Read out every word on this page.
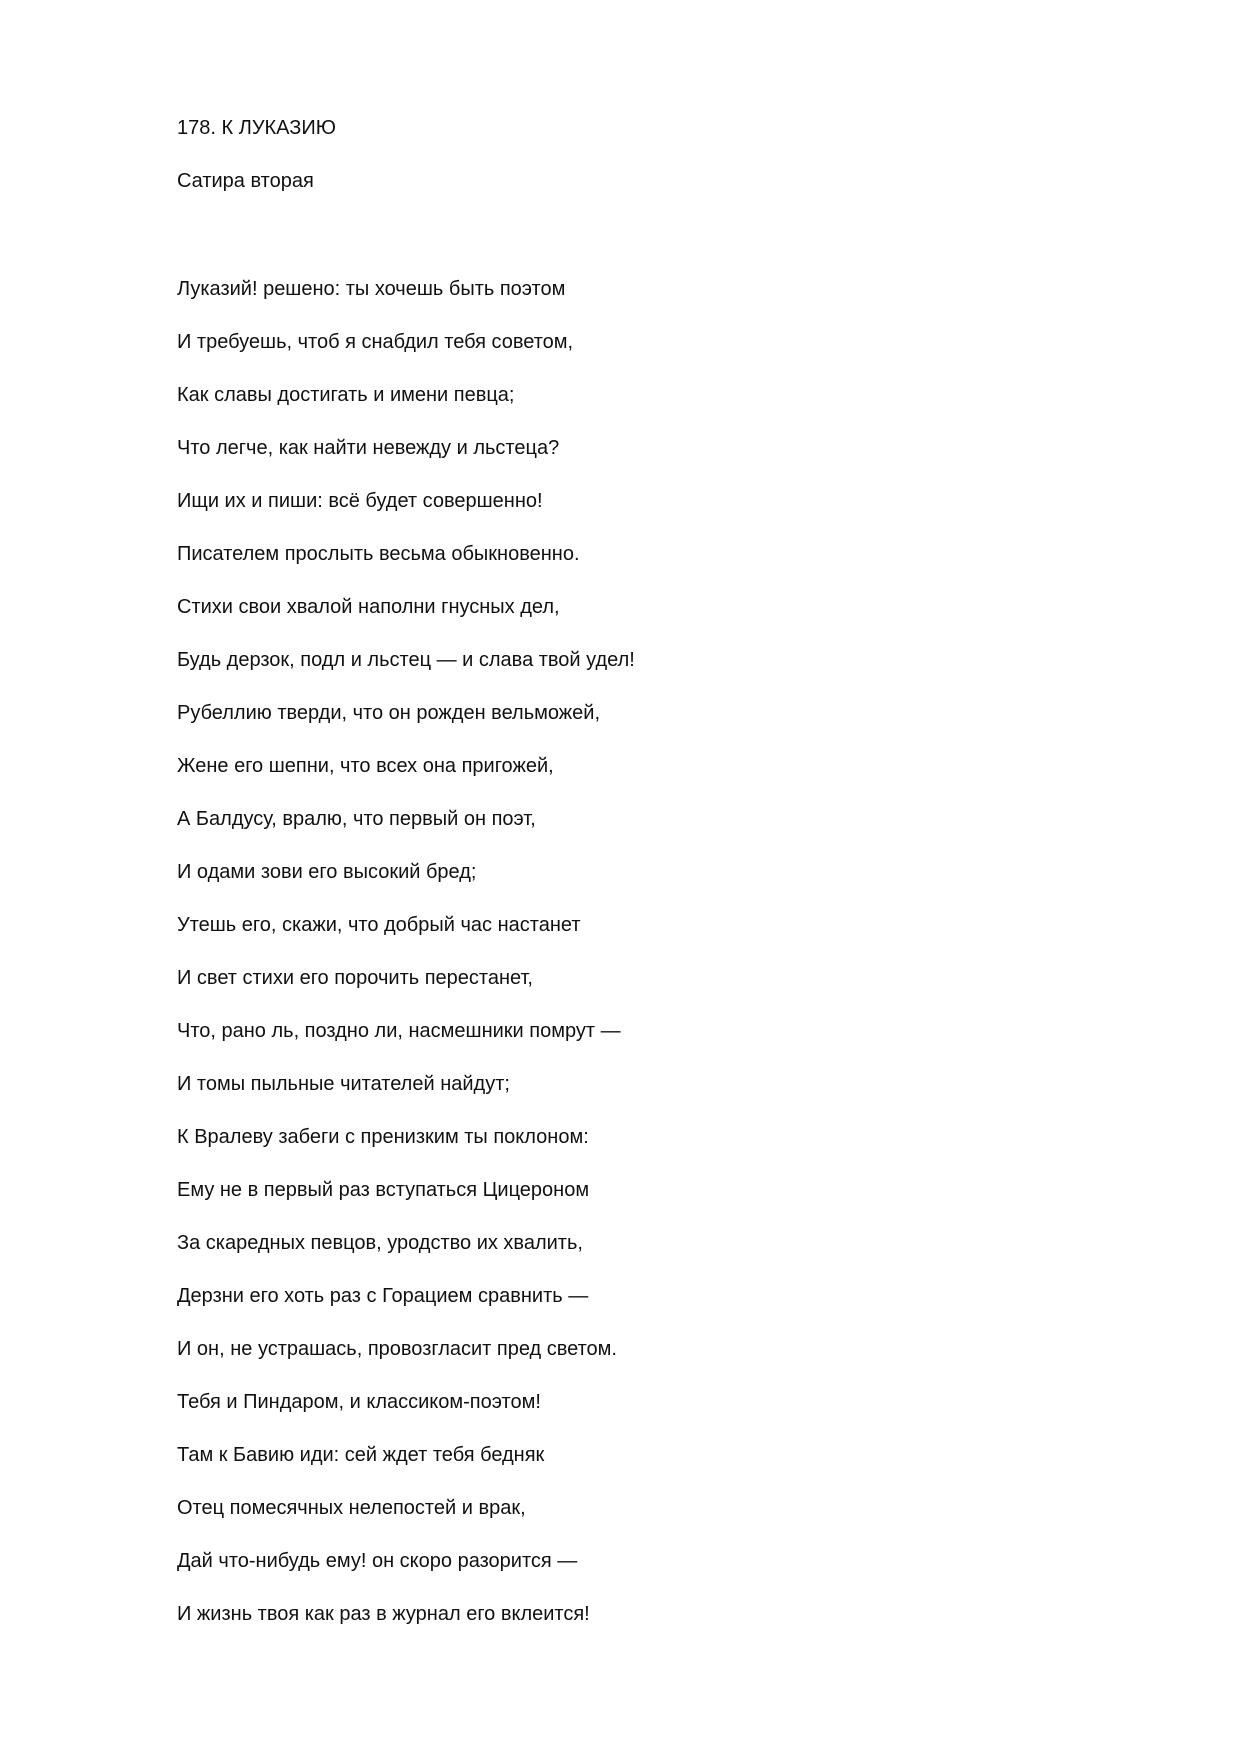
178. К ЛУКАЗИЮ

Сатира вторая

Луказий! решено: ты хочешь быть поэтом
И требуешь, чтоб я снабдил тебя советом,
Как славы достигать и имени певца;
Что легче, как найти невежду и льстеца?
Ищи их и пиши: всё будет совершенно!
Писателем прослыть весьма обыкновенно.
Стихи свои хвалой наполни гнусных дел,
Будь дерзок, подл и льстец — и слава твой удел!
Рубеллию тверди, что он рожден вельможей,
Жене его шепни, что всех она пригожей,
А Балдусу, вралю, что первый он поэт,
И одами зови его высокий бред;
Утешь его, скажи, что добрый час настанет
И свет стихи его порочить перестанет,
Что, рано ль, поздно ли, насмешники помрут —
И томы пыльные читателей найдут;
К Вралеву забеги с пренизким ты поклоном:
Ему не в первый раз вступаться Цицероном
За скаредных певцов, уродство их хвалить,
Дерзни его хоть раз с Горацием сравнить —
И он, не устрашась, провозгласит пред светом.
Тебя и Пиндаром, и классиком-поэтом!
Там к Бавию иди: сей ждет тебя бедняк
Отец помесячных нелепостей и врак,
Дай что-нибудь ему! он скоро разорится —
И жизнь твоя как раз в журнал его вклеится!
